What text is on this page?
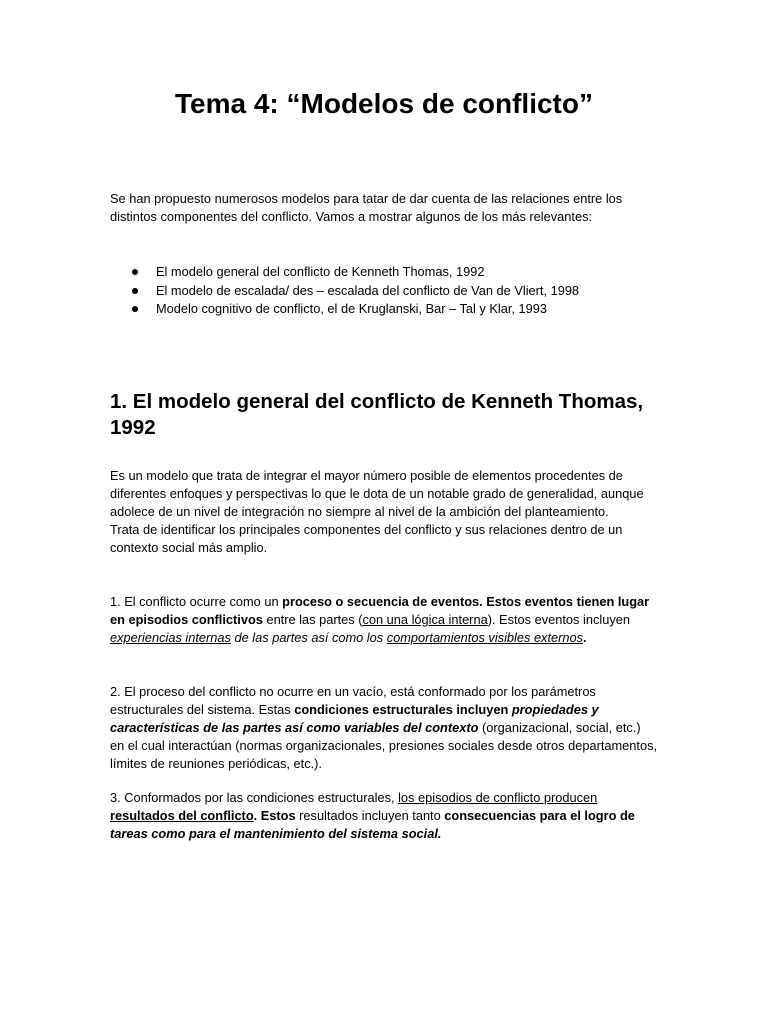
Tema 4: “Modelos de conflicto”

Se han propuesto numerosos modelos para tatar de dar cuenta de las relaciones entre los distintos componentes del conflicto. Vamos a mostrar algunos de los más relevantes:

El modelo general del conflicto de Kenneth Thomas, 1992
El modelo de escalada/ des – escalada del conflicto de Van de Vliert, 1998
Modelo cognitivo de conflicto, el de Kruglanski, Bar – Tal y Klar, 1993
1. El modelo general del conflicto de Kenneth Thomas, 1992
Es un modelo que trata de integrar el mayor número posible de elementos procedentes de diferentes enfoques y perspectivas lo que le dota de un notable grado de generalidad, aunque adolece de un nivel de integración no siempre al nivel de la ambición del planteamiento.
Trata de identificar los principales componentes del conflicto y sus relaciones dentro de un contexto social más amplio.

1. El conflicto ocurre como un proceso o secuencia de eventos. Estos eventos tienen lugar en episodios conflictivos entre las partes (con una lógica interna). Estos eventos incluyen experiencias internas de las partes así como los comportamientos visibles externos.

2. El proceso del conflicto no ocurre en un vacío, está conformado por los parámetros estructurales del sistema. Estas condiciones estructurales incluyen propiedades y características de las partes así como variables del contexto (organizacional, social, etc.) en el cual interactúan (normas organizacionales, presiones sociales desde otros departamentos, límites de reuniones periódicas, etc.).

3. Conformados por las condiciones estructurales, los episodios de conflicto producen resultados del conflicto. Estos resultados incluyen tanto consecuencias para el logro de tareas como para el mantenimiento del sistema social.
